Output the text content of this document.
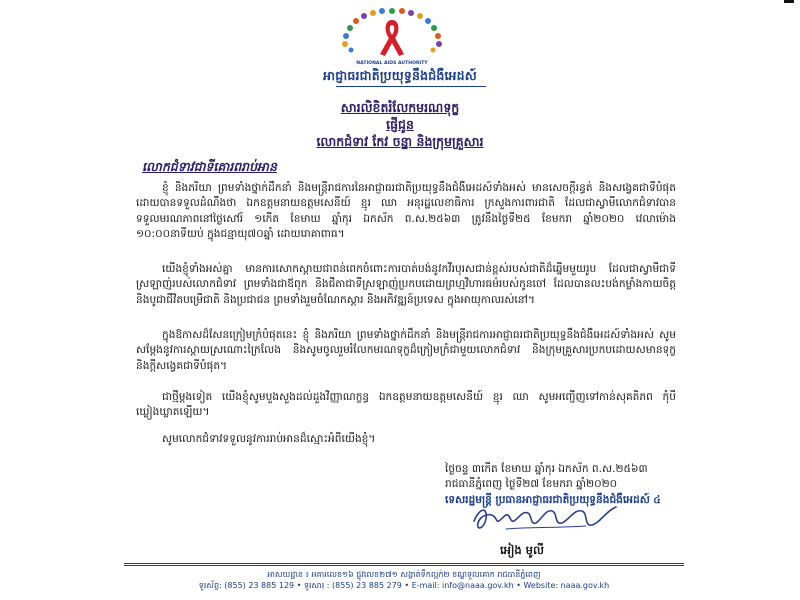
NATIONAL AIDS AUTHORITY
អាជ្ញាធរជាតិប្រយុទ្ធនឹងជំងឺអេដស៍
សារលិខិតរំលែកមរណទុក្ខ
ផ្ញើជូន
លោកជំទាវ កែវ ចន្ធ្នា និងក្រុមគ្រួសារ
លោកជំទាវជាទីគោរពរាប់អាន
ខ្ញុំ និងភរិយា ព្រមទាំងថ្នាក់ដឹកនាំ និងមន្ត្រីរាជការនៃអាជ្ញាធរជាតិប្រយុទ្ធនឹងជំងឺអេដស៍ទាំងអស់ មានសេចក្តីរន្ធត់ និងសង្វេគជាទីបំផុតដោយបានទទួលដំណឹងថា ឯកឧត្តមនាយឧត្តមសេនីយ៍ ខ្មុរ ឈា អនុរដ្ឋលេខាធិការ ក្រសួងការពារជាតិ ដែលជាស្វាមីលោកជំទាវបានទទួលមរណភាពនៅថ្ងៃសៅរ៍ ១កើត ខែមាឃ ឆ្នាំកុរ ឯកស័ក ព.ស.២៥៦៣ ត្រូវនឹងថ្ងៃទី២៥ ខែមករា ឆ្នាំ២០២០ វេលាម៉ោង ១០:០០នាទីយប់ ក្នុងជន្មាយុ៧០ឆ្នាំ ដោយរោគាពាធ។
យើងខ្ញុំទាំងអស់គ្នា មានការសោកស្តាយជាពន់ពេកចំពោះការបាត់បង់នូវកវីរបុរសជាន់ខ្ពស់របស់ជាតិដ៏ឆ្នើមមួយរូប ដែលជាស្វាមីជាទីស្រឡាញ់របស់លោកជំទាវ ព្រមទាំងជាឪពុក និងជីតាជាទីស្រឡាញ់ប្រកបដោយព្រហ្មវិហារធម៌របស់កូនចៅ ដែលបានលះបង់កម្លាំងកាយចិត្ត និងបូជាជីវិតបម្រើជាតិ និងប្រជាជន ព្រមទាំងរួមចំណែកស្តារ និងអភិវឌ្ឍន៍ប្រទេស ក្នុងអាយុកាលរស់នៅ។
ក្នុងឱកាសដ៏សែនក្រៀមក្រំបំផុតនេះ ខ្ញុំ និងភរិយា ព្រមទាំងថ្នាក់ដឹកនាំ និងមន្ត្រីរាជការអាជ្ញាធរជាតិប្រយុទ្ធនឹងជំងឺអេដស៍ទាំងអស់ សូមសម្តែងនូវការស្តាយស្រណោះក្រៃលែង និងសូមចូលរួមរំលែកមរណទុក្ខដ៏ក្រៀមក្រំជាមួយលោកជំទាវ និងក្រុមគ្រួសារប្រកបដោយសមានទុក្ខ និងក្តីសង្វេគជាទីបំផុត។
ជាថ្មីម្តងទៀត យើងខ្ញុំសូមបួងសួងដល់ដួងវិញ្ញាណក្ខន្ធ ឯកឧត្តមនាយឧត្តមសេនីយ៍ ខ្មុរ ឈា សូមអញ្ជើញទៅកាន់សុគតិភព កុំបីឃ្លៀងឃ្លាតឡើយ។
សូមលោកជំទាវទទួលនូវការរាប់អានដ៏ស្មោះអំពីយើងខ្ញុំ។
ថ្ងៃចន្ទ ៣កើត ខែមាឃ ឆ្នាំកុរ ឯកស័ក ព.ស.២៥៦៣
រាជធានីភ្នំពេញ ថ្ងៃទី២៧ ខែមករា ឆ្នាំ២០២០
ទេសរដ្ឋមន្ត្រី ប្រធានអាជ្ញាធរជាតិប្រយុទ្ធនឹងជំងឺអេដស៍ ៤
អៀង មូលី
អាសយដ្ឋាន ៖ អគារលេខ១៦ ផ្លូវលេខ២៧១ សង្កាត់ទឹកល្អក់២ ខណ្ឌទួលគោក រាជធានីភ្នំពេញ
ទូរស័ព្ទ: (855) 23 885 129 • ទូរសារ : (855) 23 885 279 • E-mail: info@naaa.gov.kh • Website: naaa.gov.kh
